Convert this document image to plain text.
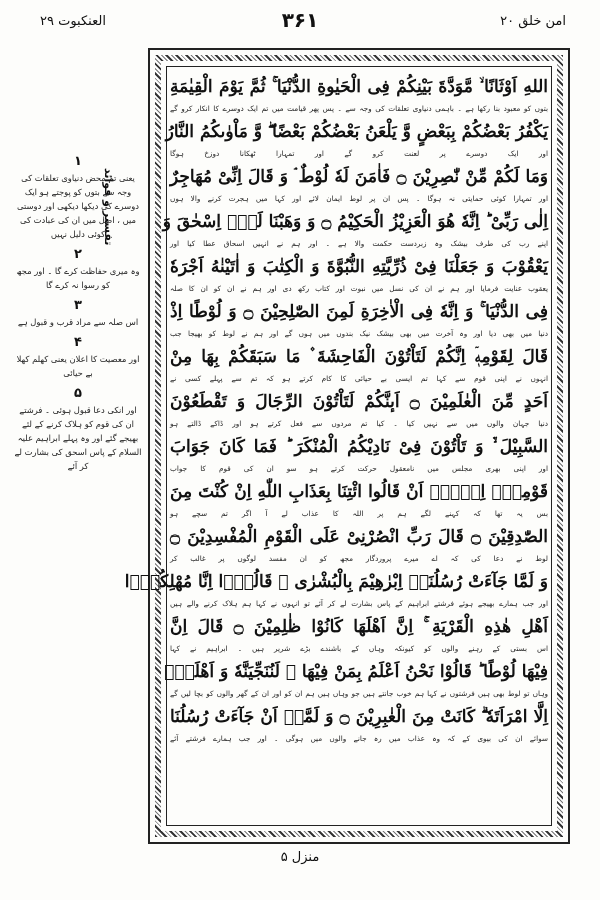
امن خلق ۲۰
۳۶۱
العنکبوت ۲۹
اللهِ اَوْثَانًا ۙ مَّوَدَّةَ بَیْنِكُمْ فِی الْحَیٰوةِ الدُّنْیَا ۚ ثُمَّ یَوْمَ الْقِیٰمَةِ
بتوں کو معبود بنا رکھا ہے ۔ باہمی دنیاوی تعلقات کی وجہ سے ۔ پس پھر قیامت میں تم ایک دوسرے کا انکار کرو گے
یَكْفُرُ بَعْضُكُمْ بِبَعْضٍ وَّ یَلْعَنُ بَعْضُكُمْ بَعْضًا ۖ وَّ مَاْوٰىكُمُ النَّارُ
اور ایک دوسرے پر لعنت کرو گے اور تمہارا ٹھکانا دوزخ ہوگا
وَمَا لَكُمْ مِّنْ نّٰصِرِیْنَ ۝ فَاٰمَنَ لَهٗ لُوْطٌ ۘ وَ قَالَ اِنِّیْ مُهَاجِرٌ
اور تمہارا کوئی حمایتی نہ ہوگا ۔ پس ان پر لوط ایمان لائے اور کہا میں ہجرت کرنے والا ہوں
اِلٰی رَبِّیْ ؕ اِنَّهٗ هُوَ الْعَزِیْزُ الْحَكِیْمُ ۝ وَ وَهَبْنَا لَهٗۤ اِسْحٰقَ وَ
اپنے رب کی طرف بیشک وہ زبردست حکمت والا ہے ۔ اور ہم نے انہیں اسحاق عطا کیا اور
یَعْقُوْبَ وَ جَعَلْنَا فِیْ ذُرِّیَّتِهِ النُّبُوَّةَ وَ الْكِتٰبَ وَ اٰتَیْنٰهُ اَجْرَهٗ
یعقوب عنایت فرمایا اور ہم نے ان کی نسل میں نبوت اور کتاب رکھ دی اور ہم نے ان کو ان کا صلہ
فِی الدُّنْیَا ۚ وَ اِنَّهٗ فِی الْاٰخِرَةِ لَمِنَ الصّٰلِحِیْنَ ۝ وَ لُوْطًا اِذْ
دنیا میں بھی دیا اور وہ آخرت میں بھی بیشک نیک بندوں میں ہوں گے اور ہم نے لوط کو بھیجا جب
قَالَ لِقَوْمِهٖۤ اِنَّكُمْ لَتَاْتُوْنَ الْفَاحِشَةَ ۫ مَا سَبَقَكُمْ بِهَا مِنْ
انہوں نے اپنی قوم سے کہا تم ایسی بے حیائی کا کام کرتے ہو کہ تم سے پہلے کسی نے
اَحَدٍ مِّنَ الْعٰلَمِیْنَ ۝ اَىٕنَّكُمْ لَتَاْتُوْنَ الرِّجَالَ وَ تَقْطَعُوْنَ
دنیا جہان والوں میں سے نہیں کیا ۔ کیا تم مردوں سے فعل کرتے ہو اور ڈاکے ڈالتے ہو
السَّبِیْلَ ۙ۬ وَ تَاْتُوْنَ فِیْ نَادِیْكُمُ الْمُنْكَرَ ؕ فَمَا كَانَ جَوَابَ
اور اپنی بھری مجلس میں نامعقول حرکت کرتے ہو سو ان کی قوم کا جواب
قَوْمِهٖۤ اِلَّاۤ اَنْ قَالُوا ائْتِنَا بِعَذَابِ اللّٰهِ اِنْ كُنْتَ مِنَ
بس یہ تھا کہ کہنے لگے ہم پر اللہ کا عذاب لے آ اگر تم سچے ہو
الصّٰدِقِیْنَ ۝ قَالَ رَبِّ انْصُرْنِیْ عَلَی الْقَوْمِ الْمُفْسِدِیْنَ ۝
لوط نے دعا کی کہ اے میرے پروردگار مجھ کو ان مفسد لوگوں پر غالب کر
وَ لَمَّا جَآءَتْ رُسُلُنَاۤ اِبْرٰهِیْمَ بِالْبُشْرٰی ۙ قَالُوْۤا اِنَّا مُهْلِكُوْۤا
اور جب ہمارے بھیجے ہوئے فرشتے ابراہیم کے پاس بشارت لے کر آئے تو انہوں نے کہا ہم ہلاک کرنے والے ہیں
اَهْلِ هٰذِهِ الْقَرْیَةِ ۚ اِنَّ اَهْلَهَا كَانُوْا ظٰلِمِیْنَ ۝ قَالَ اِنَّ
اس بستی کے رہنے والوں کو کیونکہ وہاں کے باشندے بڑے شریر ہیں ۔ ابراہیم نے کہا
فِیْهَا لُوْطًا ؕ قَالُوْا نَحْنُ اَعْلَمُ بِمَنْ فِیْهَا ۫ لَنُنَجِّیَنَّهٗ وَ اَهْلَهٗۤ
وہاں تو لوط بھی ہیں فرشتوں نے کہا ہم خوب جانتے ہیں جو وہاں ہیں ہم ان کو اور ان کے گھر والوں کو بچا لیں گے
اِلَّا امْرَاَتَهٗ ۗ كَانَتْ مِنَ الْغٰبِرِیْنَ ۝ وَ لَمَّاۤ اَنْ جَآءَتْ رُسُلُنَا
سوائے ان کی بیوی کے کہ وہ عذاب میں رہ جانے والوں میں ہوگی ۔ اور جب ہمارے فرشتے آئے
تفسیر و فوائد
۱
یعنی تم محض دنیاوی تعلقات کی وجہ سے بتوں کو پوجتے ہو ایک دوسرے کی دیکھا دیکھی اور دوستی میں ، اصل میں ان کی عبادت کی کوئی دلیل نہیں
۲
وہ میری حفاظت کرے گا ۔ اور مجھ کو رسوا نہ کرے گا
۳
اس صلہ سے مراد قرب و قبول ہے
۴
اور معصیت کا اعلان یعنی کھلم کھلا بے حیائی
۵
اور انکی دعا قبول ہوئی ۔ فرشتے ان کی قوم کو ہلاک کرنے کے لئے بھیجے گئے اور وہ پہلے ابراہیم علیہ السلام کے پاس اسحق کی بشارت لے کر آئے
منزل ۵
